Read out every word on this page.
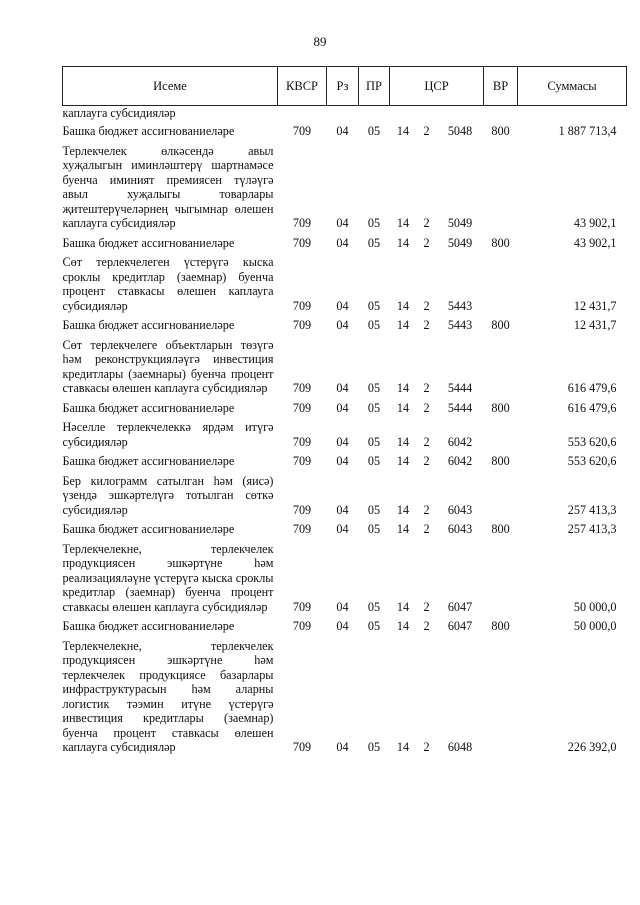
89
Исеме	КВСР	Рз	ПР	ЦСР			ВР	Суммасы
каплауга субсидияләр								
Башка бюджет ассигнованиеләре	709	04	05	14	2	5048	800	1 887 713,4
Терлекчелек өлкәсендә авыл хуҗалыгын иминләштерү шартнамәсе буенча иминият премиясен түләүгә авыл хуҗалыгы товарлары җитештерүчеләрнең чыгымнар өлешен каплауга субсидияләр	709	04	05	14	2	5049		43 902,1
Башка бюджет ассигнованиеләре	709	04	05	14	2	5049	800	43 902,1
Сөт терлекчелеген үстерүгә кыска сроклы кредитлар (заемнар) буенча процент ставкасы өлешен каплауга субсидияләр	709	04	05	14	2	5443		12 431,7
Башка бюджет ассигнованиеләре	709	04	05	14	2	5443	800	12 431,7
Сөт терлекчелеге объектларын төзүгә һәм реконструкцияләүгә инвестиция кредитлары (заемнары) буенча процент ставкасы өлешен каплауга субсидияләр	709	04	05	14	2	5444		616 479,6
Башка бюджет ассигнованиеләре	709	04	05	14	2	5444	800	616 479,6
Нәселле терлекчелеккә ярдәм итүгә субсидияләр	709	04	05	14	2	6042		553 620,6
Башка бюджет ассигнованиеләре	709	04	05	14	2	6042	800	553 620,6
Бер килограмм сатылган һәм (яисә) үзендә эшкәртелүгә тотылган сөткә субсидияләр	709	04	05	14	2	6043		257 413,3
Башка бюджет ассигнованиеләре	709	04	05	14	2	6043	800	257 413,3
Терлекчелекне, терлекчелек продукциясен эшкәртүне һәм реализацияләүне үстерүгә кыска сроклы кредитлар (заемнар) буенча процент ставкасы өлешен каплауга субсидияләр	709	04	05	14	2	6047		50 000,0
Башка бюджет ассигнованиеләре	709	04	05	14	2	6047	800	50 000,0
Терлекчелекне, терлекчелек продукциясен эшкәртүне һәм терлекчелек продукциясе базарлары инфраструктурасын һәм аларны логистик тәэмин итүне үстерүгә инвестиция кредитлары (заемнар) буенча процент ставкасы өлешен каплауга субсидияләр	709	04	05	14	2	6048		226 392,0
